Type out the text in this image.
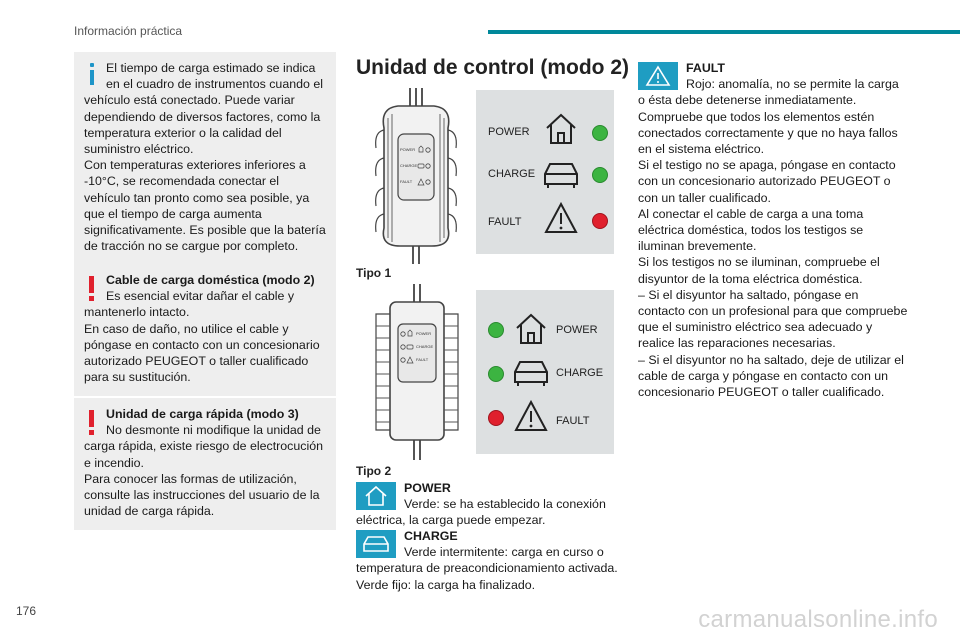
Información práctica

El tiempo de carga estimado se indica en el cuadro de instrumentos cuando el vehículo está conectado. Puede variar dependiendo de diversos factores, como la temperatura exterior o la calidad del suministro eléctrico.
Con temperaturas exteriores inferiores a -10°C, se recomendada conectar el vehículo tan pronto como sea posible, ya que el tiempo de carga aumenta significativamente. Es posible que la batería de tracción no se cargue por completo.

Cable de carga doméstica (modo 2)

Es esencial evitar dañar el cable y mantenerlo intacto.
En caso de daño, no utilice el cable y póngase en contacto con un concesionario autorizado PEUGEOT o taller cualificado para su sustitución.

Unidad de carga rápida (modo 3)

No desmonte ni modifique la unidad de carga rápida, existe riesgo de electrocución e incendio.
Para conocer las formas de utilización, consulte las instrucciones del usuario de la unidad de carga rápida.

Unidad de control (modo 2)
POWER
CHARGE
FAULT
POWER
CHARGE
FAULT
Tipo 1
POWER
CHARGE
FAULT
POWER
CHARGE
FAULT
Tipo 2

POWER

Verde: se ha establecido la conexión eléctrica, la carga puede empezar.

CHARGE

Verde intermitente: carga en curso o temperatura de preacondicionamiento activada.
Verde fijo: la carga ha finalizado.

FAULT

Rojo: anomalía, no se permite la carga o ésta debe detenerse inmediatamente.
Compruebe que todos los elementos estén conectados correctamente y que no haya fallos en el sistema eléctrico.
Si el testigo no se apaga, póngase en contacto con un concesionario autorizado PEUGEOT o con un taller cualificado.
Al conectar el cable de carga a una toma eléctrica doméstica, todos los testigos se iluminan brevemente.
Si los testigos no se iluminan, compruebe el disyuntor de la toma eléctrica doméstica.
– Si el disyuntor ha saltado, póngase en contacto con un profesional para que compruebe que el suministro eléctrico sea adecuado y realice las reparaciones necesarias.
– Si el disyuntor no ha saltado, deje de utilizar el cable de carga y póngase en contacto con un concesionario PEUGEOT o taller cualificado.

176	carmanualsonline.info
